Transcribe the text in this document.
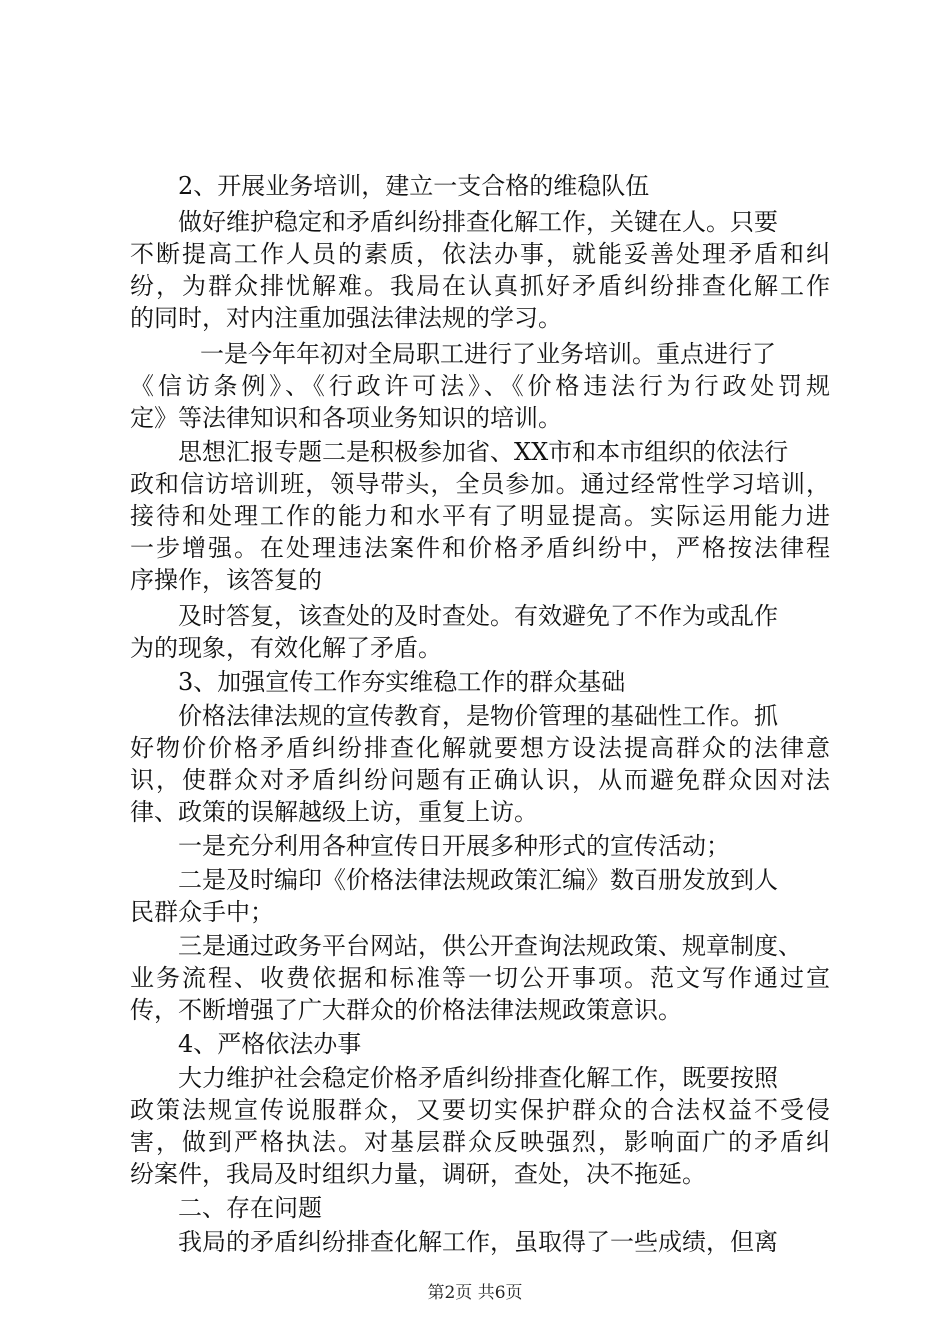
2、开展业务培训，建立一支合格的维稳队伍
做好维护稳定和矛盾纠纷排查化解工作，关键在人。只要
不断提高工作人员的素质，依法办事，就能妥善处理矛盾和纠
纷，为群众排忧解难。我局在认真抓好矛盾纠纷排查化解工作
的同时，对内注重加强法律法规的学习。
一是今年年初对全局职工进行了业务培训。重点进行了
《信访条例》、《行政许可法》、《价格违法行为行政处罚规
定》等法律知识和各项业务知识的培训。
思想汇报专题二是积极参加省、XX市和本市组织的依法行
政和信访培训班，领导带头，全员参加。通过经常性学习培训，
接待和处理工作的能力和水平有了明显提高。实际运用能力进
一步增强。在处理违法案件和价格矛盾纠纷中，严格按法律程
序操作，该答复的
及时答复，该查处的及时查处。有效避免了不作为或乱作
为的现象，有效化解了矛盾。
3、加强宣传工作夯实维稳工作的群众基础
价格法律法规的宣传教育，是物价管理的基础性工作。抓
好物价价格矛盾纠纷排查化解就要想方设法提高群众的法律意
识，使群众对矛盾纠纷问题有正确认识，从而避免群众因对法
律、政策的误解越级上访，重复上访。
一是充分利用各种宣传日开展多种形式的宣传活动；
二是及时编印《价格法律法规政策汇编》数百册发放到人
民群众手中；
三是通过政务平台网站，供公开查询法规政策、规章制度、
业务流程、收费依据和标准等一切公开事项。范文写作通过宣
传，不断增强了广大群众的价格法律法规政策意识。
4、严格依法办事
大力维护社会稳定价格矛盾纠纷排查化解工作，既要按照
政策法规宣传说服群众，又要切实保护群众的合法权益不受侵
害，做到严格执法。对基层群众反映强烈，影响面广的矛盾纠
纷案件，我局及时组织力量，调研，查处，决不拖延。
二、存在问题
我局的矛盾纠纷排查化解工作，虽取得了一些成绩，但离
第2页 共6页
